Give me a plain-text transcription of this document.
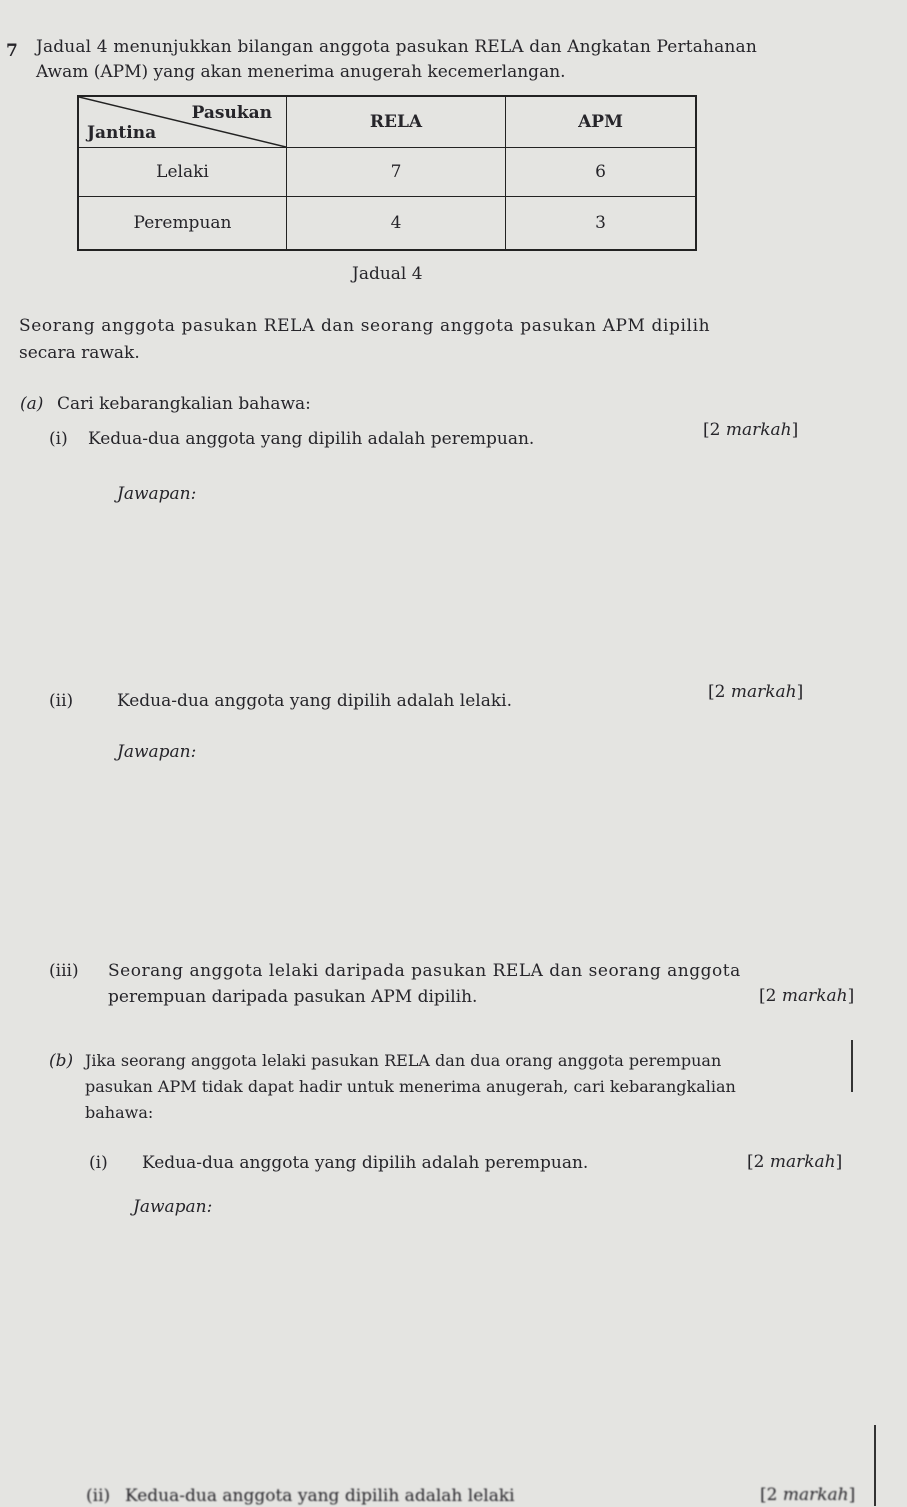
7 Jadual 4 menunjukkan bilangan anggota pasukan RELA dan Angkatan Pertahanan
Awam (APM) yang akan menerima anugerah kecemerlangan.
Pasukan
Jantina	RELA	APM
Lelaki	7	6
Perempuan	4	3
Jadual 4
Seorang anggota pasukan RELA dan seorang anggota pasukan APM dipilih
secara rawak.
(a) Cari kebarangkalian bahawa:
(i) Kedua-dua anggota yang dipilih adalah perempuan.	[2 markah]
Jawapan:
(ii)	Kedua-dua anggota yang dipilih adalah lelaki.	[2 markah]
Jawapan:
(iii) Seorang anggota lelaki daripada pasukan RELA dan seorang anggota
perempuan daripada pasukan APM dipilih.	[2 markah]
(b) Jika seorang anggota lelaki pasukan RELA dan dua orang anggota perempuan
pasukan APM tidak dapat hadir untuk menerima anugerah, cari kebarangkalian
bahawa:
(i) Kedua-dua anggota yang dipilih adalah perempuan.	[2 markah]
Jawapan:
(ii) Kedua-dua anggota yang dipilih adalah lelaki	[2 markah]
